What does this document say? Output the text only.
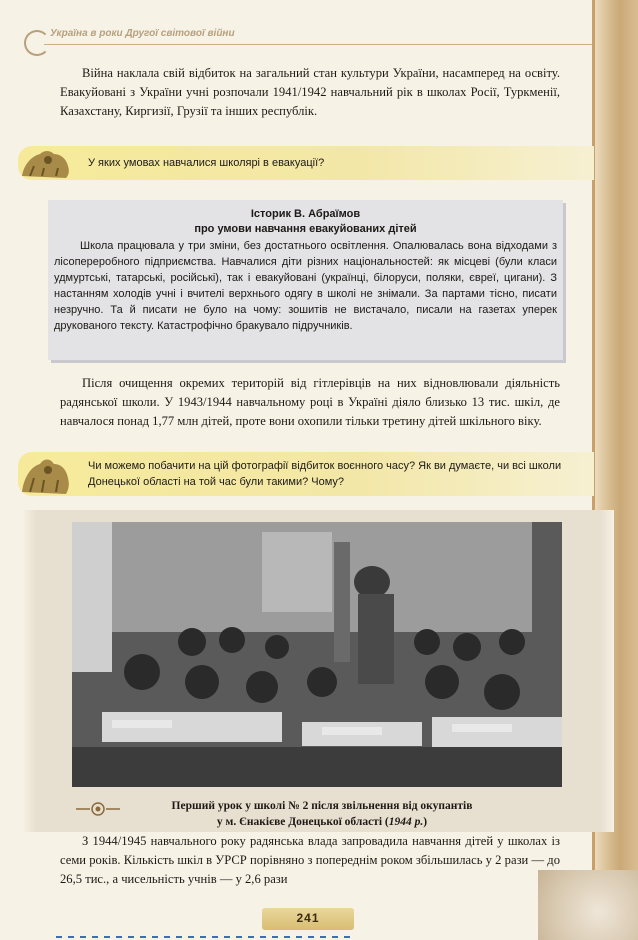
Україна в роки Другої світової війни

Війна наклала свій відбиток на загальний стан культури України, насамперед на освіту. Евакуйовані з України учні розпочали 1941/1942 навчальний рік в школах Росії, Туркменії, Казахстану, Киргизії, Грузії та інших республік.

У яких умовах навчалися школярі в евакуації?
Історик В. Абраїмов
про умови навчання евакуйованих дітей

Школа працювала у три зміни, без достатнього освітлення. Опалювалась вона відходами з лісопереробного підприємства. Навчалися діти різних національностей: як місцеві (були класи удмуртські, татарські, російські), так і евакуйовані (українці, білоруси, поляки, євреї, цигани). З настанням холодів учні і вчителі верхнього одягу в школі не знімали. За партами тісно, писати незручно. Та й писати не було на чому: зошитів не вистачало, писали на газетах уперек друкованого тексту. Катастрофічно бракувало підручників.

Після очищення окремих територій від гітлерівців на них відновлювали діяльність радянської школи. У 1943/1944 навчальному році в Україні діяло близько 13 тис. шкіл, де навчалося понад 1,77 млн дітей, проте вони охопили тільки третину дітей шкільного віку.

Чи можемо побачити на цій фотографії відбиток воєнного часу? Як ви думаєте, чи всі школи Донецької області на той час були такими? Чому?
Перший урок у школі № 2 після звільнення від окупантів
у м. Єнакієве Донецької області (1944 р.)

З 1944/1945 навчального року радянська влада запровадила навчання дітей у школах із семи років. Кількість шкіл в УРСР порівняно з попереднім роком збільшилась у 2 рази — до 26,5 тис., а чисельність учнів — у 2,6 рази

241
